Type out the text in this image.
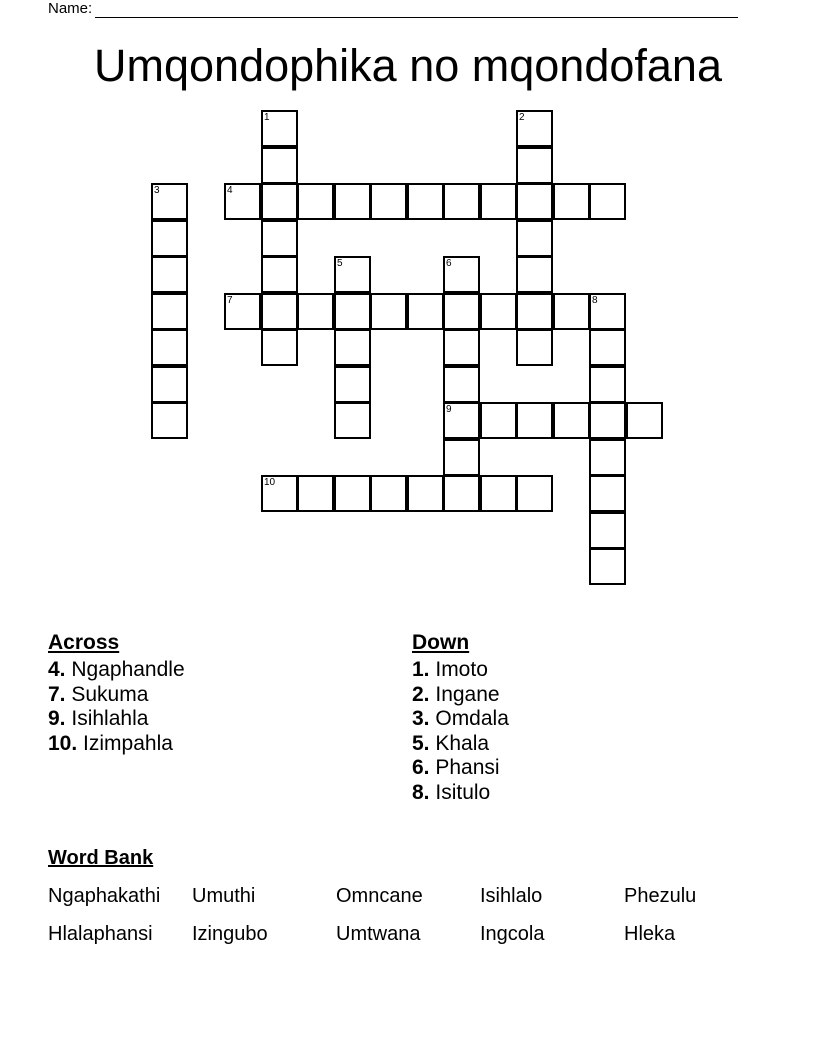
Name:
Umqondophika no mqondofana
1	2
3	4
5	6
9
7	8
10
Across
4. Ngaphandle
7. Sukuma
9. Isihlahla
10. Izimpahla
Down
1. Imoto
2. Ingane
3. Omdala
5. Khala
6. Phansi
8. Isitulo
Word Bank
Ngaphakathi Umuthi	Omncane	Isihlalo	Phezulu
Hlalaphansi Izingubo	Umtwana	Ingcola	Hleka
